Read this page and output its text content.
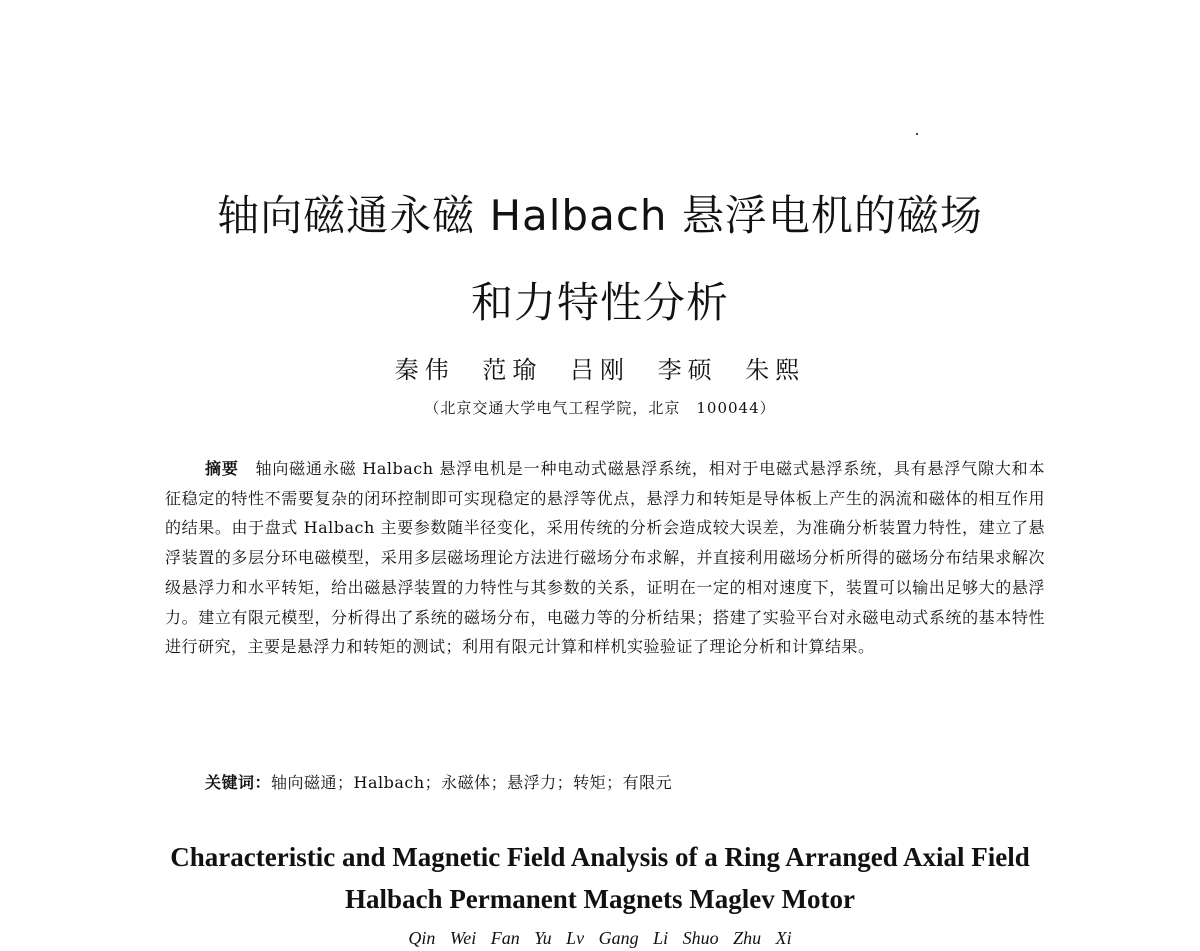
轴向磁通永磁 Halbach 悬浮电机的磁场
和力特性分析
秦伟 范瑜 吕刚 李硕 朱熙
（北京交通大学电气工程学院，北京　100044）

摘要　 轴向磁通永磁 Halbach 悬浮电机是一种电动式磁悬浮系统，相对于电磁式悬浮系统，具有悬浮气隙大和本征稳定的特性不需要复杂的闭环控制即可实现稳定的悬浮等优点，悬浮力和转矩是导体板上产生的涡流和磁体的相互作用的结果。由于盘式 Halbach 主要参数随半径变化，采用传统的分析会造成较大误差，为准确分析装置力特性，建立了悬浮装置的多层分环电磁模型，采用多层磁场理论方法进行磁场分布求解，并直接利用磁场分析所得的磁场分布结果求解次级悬浮力和水平转矩，给出磁悬浮装置的力特性与其参数的关系，证明在一定的相对速度下，装置可以输出足够大的悬浮力。建立有限元模型，分析得出了系统的磁场分布，电磁力等的分析结果；搭建了实验平台对永磁电动式系统的基本特性进行研究，主要是悬浮力和转矩的测试；利用有限元计算和样机实验验证了理论分析和计算结果。

关键词：轴向磁通；Halbach；永磁体；悬浮力；转矩；有限元
Characteristic and Magnetic Field Analysis of a Ring Arranged Axial Field
Halbach Permanent Magnets Maglev Motor
Qin Wei Fan Yu Lv Gang Li Shuo Zhu Xi
